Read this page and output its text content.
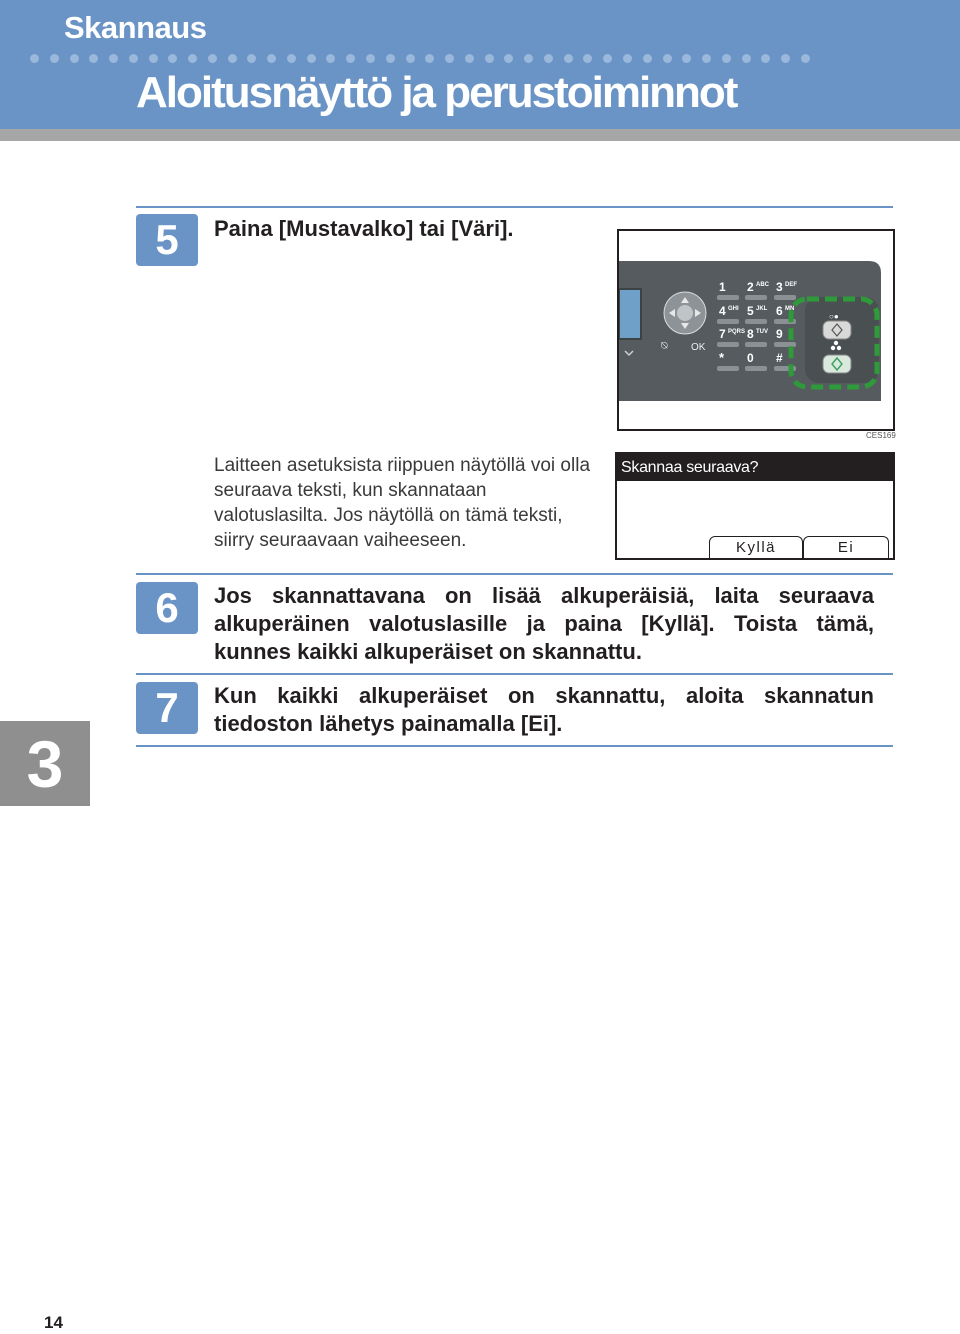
Skannaus
Aloitusnäyttö ja perustoiminnot
5	Paina [Mustavalko] tai [Väri].
⍉ OK
1 2 ABC 3 DEF
4 GHI 5 JKL 6 MN
7 PQRS 8 TUV 9
* 0 #
○●
CES169
Laitteen asetuksista riippuen näytöllä voi olla seuraava teksti, kun skannataan valotuslasilta. Jos näytöllä on tämä teksti, siirry seuraavaan vaiheeseen.
Skannaa seuraava?
Kyllä	Ei
6	Jos skannattavana on lisää alkuperäisiä, laita seuraava alkuperäinen valotuslasille ja paina [Kyllä]. Toista tämä, kunnes kaikki alkuperäiset on skannattu.
7	Kun kaikki alkuperäiset on skannattu, aloita skannatun tiedoston lähetys painamalla [Ei].
3
14
